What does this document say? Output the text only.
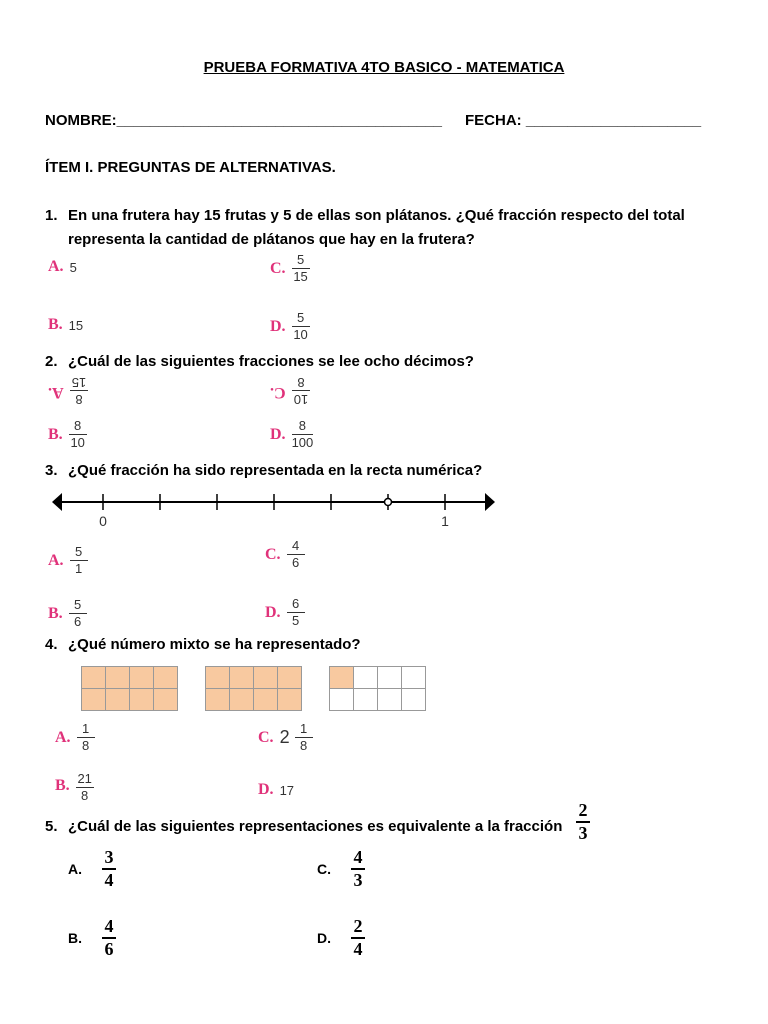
PRUEBA FORMATIVA 4TO BASICO - MATEMATICA
NOMBRE:_______________________________________ FECHA: _____________________
ÍTEM I. PREGUNTAS DE ALTERNATIVAS.
1. En una frutera hay 15 frutas y 5 de ellas son plátanos. ¿Qué fracción respecto del total
representa la cantidad de plátanos que hay en la frutera?
A. 5	C. $\frac{5}{15}$
B. 15	D. $\frac{5}{10}$
2. ¿Cuál de las siguientes fracciones se lee ocho décimos?
A. 8
15
C. 10
8
B. $\frac{8}{10}$	D. $\frac{8}{100}$
3. ¿Qué fracción ha sido representada en la recta numérica?
0	1
A. $\frac{5}{1}$	C. $\frac{4}{6}$
B. $\frac{5}{6}$	D. $\frac{6}{5}$
4. ¿Qué número mixto se ha representado?

A. $\frac{1}{8}$	C. $2 \frac{1}{8}$
B. $\frac{21}{8}$	D. 17
5. ¿Cuál de las siguientes representaciones es equivalente a la fracción
2
3
A. $\frac{3}{4}$	C. $\frac{4}{3}$
B. $\frac{4}{6}$	D. $\frac{2}{4}$
